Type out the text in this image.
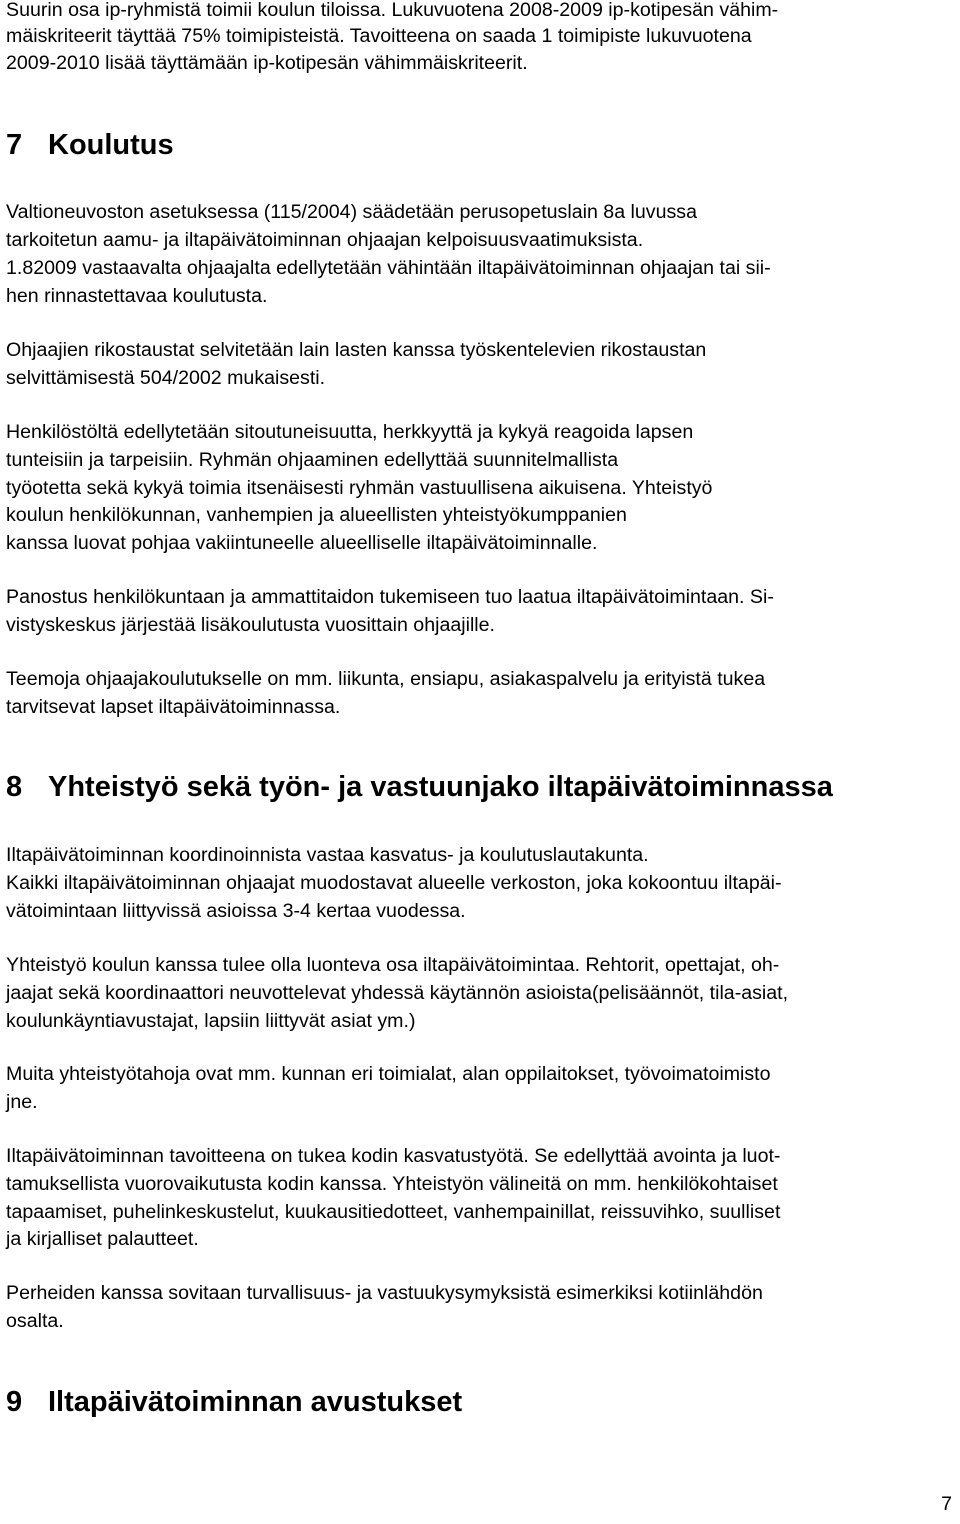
Suurin osa ip-ryhmistä toimii koulun tiloissa. Lukuvuotena 2008-2009 ip-kotipesän vähim-
mäiskriteerit täyttää 75% toimipisteistä. Tavoitteena on saada 1 toimipiste lukuvuotena
2009-2010 lisää täyttämään ip-kotipesän vähimmäiskriteerit.
7 Koulutus
Valtioneuvoston asetuksessa (115/2004) säädetään perusopetuslain 8a luvussa
tarkoitetun aamu- ja iltapäivätoiminnan ohjaajan kelpoisuusvaatimuksista.
1.82009 vastaavalta ohjaajalta edellytetään vähintään iltapäivätoiminnan ohjaajan tai sii-
hen rinnastettavaa koulutusta.
Ohjaajien rikostaustat selvitetään lain lasten kanssa työskentelevien rikostaustan
selvittämisestä 504/2002 mukaisesti.
Henkilöstöltä edellytetään sitoutuneisuutta, herkkyyttä ja kykyä reagoida lapsen
tunteisiin ja tarpeisiin. Ryhmän ohjaaminen edellyttää suunnitelmallista
työotetta sekä kykyä toimia itsenäisesti ryhmän vastuullisena aikuisena. Yhteistyö
koulun henkilökunnan, vanhempien ja alueellisten yhteistyökumppanien
kanssa luovat pohjaa vakiintuneelle alueelliselle iltapäivätoiminnalle.
Panostus henkilökuntaan ja ammattitaidon tukemiseen tuo laatua iltapäivätoimintaan. Si-
vistyskeskus järjestää lisäkoulutusta vuosittain ohjaajille.
Teemoja ohjaajakoulutukselle on mm. liikunta, ensiapu, asiakaspalvelu ja erityistä tukea
tarvitsevat lapset iltapäivätoiminnassa.
8 Yhteistyö sekä työn- ja vastuunjako iltapäivätoiminnassa
Iltapäivätoiminnan koordinoinnista vastaa kasvatus- ja koulutuslautakunta.
Kaikki iltapäivätoiminnan ohjaajat muodostavat alueelle verkoston, joka kokoontuu iltapäi-
vätoimintaan liittyvissä asioissa 3-4 kertaa vuodessa.
Yhteistyö koulun kanssa tulee olla luonteva osa iltapäivätoimintaa. Rehtorit, opettajat, oh-
jaajat sekä koordinaattori neuvottelevat yhdessä käytännön asioista(pelisäännöt, tila-asiat,
koulunkäyntiavustajat, lapsiin liittyvät asiat ym.)
Muita yhteistyötahoja ovat mm. kunnan eri toimialat, alan oppilaitokset, työvoimatoimisto
jne.
Iltapäivätoiminnan tavoitteena on tukea kodin kasvatustyötä. Se edellyttää avointa ja luot-
tamuksellista vuorovaikutusta kodin kanssa. Yhteistyön välineitä on mm. henkilökohtaiset
tapaamiset, puhelinkeskustelut, kuukausitiedotteet, vanhempainillat, reissuvihko, suulliset
ja kirjalliset palautteet.
Perheiden kanssa sovitaan turvallisuus- ja vastuukysymyksistä esimerkiksi kotiinlähdön
osalta.
9 Iltapäivätoiminnan avustukset
7
